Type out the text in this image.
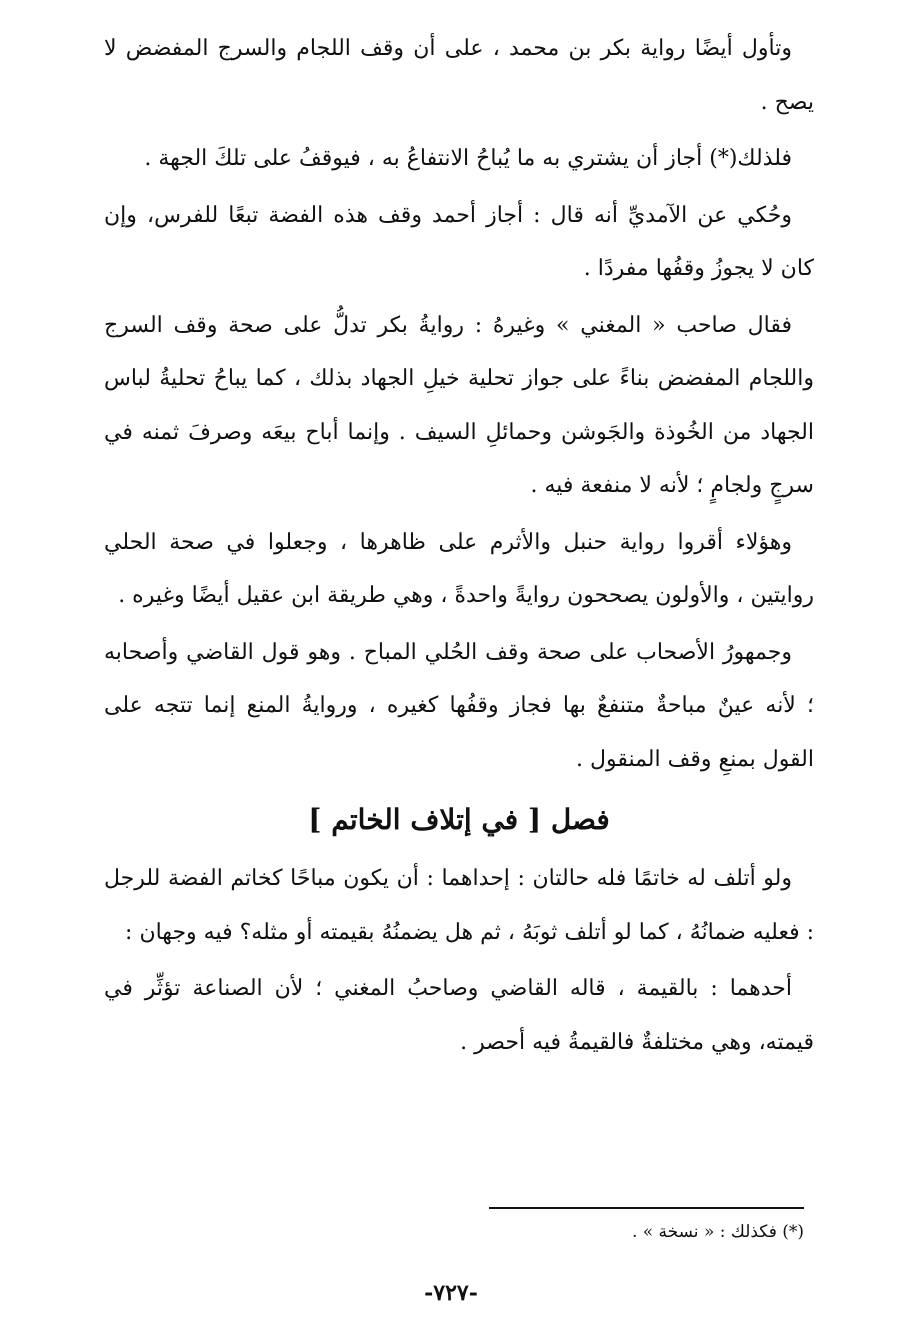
وتأول أيضًا رواية بكر بن محمد ، على أن وقف اللجام والسرج المفضض لا يصح .

فلذلك(*) أجاز أن يشتري به ما يُباحُ الانتفاعُ به ، فيوقفُ على تلكَ الجهة .

وحُكي عن الآمديِّ أنه قال : أجاز أحمد وقف هذه الفضة تبعًا للفرس، وإن كان لا يجوزُ وقفُها مفردًا .

فقال صاحب « المغني » وغيرهُ : روايةُ بكر تدلُّ على صحة وقف السرج واللجام المفضض بناءً على جواز تحلية خيلِ الجهاد بذلك ، كما يباحُ تحليةُ لباس الجهاد من الخُوذة والجَوشن وحمائلِ السيف . وإنما أباح بيعَه وصرفَ ثمنه في سرجٍ ولجامٍ ؛ لأنه لا منفعة فيه .

وهؤلاء أقروا رواية حنبل والأثرم على ظاهرها ، وجعلوا في صحة الحلي روايتين ، والأولون يصححون روايةً واحدةً ، وهي طريقة ابن عقيل أيضًا وغيره .

وجمهورُ الأصحاب على صحة وقف الحُلي المباح . وهو قول القاضي وأصحابه ؛ لأنه عينٌ مباحةٌ متنفعٌ بها فجاز وقفُها كغيره ، وروايةُ المنع إنما تتجه على القول بمنعِ وقف المنقول .

فصل [ في إتلاف الخاتم ]

ولو أتلف له خاتمًا فله حالتان : إحداهما : أن يكون مباحًا كخاتم الفضة للرجل : فعليه ضمانُهُ ، كما لو أتلف ثوبَهُ ، ثم هل يضمنُهُ بقيمته أو مثله؟ فيه وجهان :

أحدهما : بالقيمة ، قاله القاضي وصاحبُ المغني ؛ لأن الصناعة تؤثِّر في قيمته، وهي مختلفةٌ فالقيمةُ فيه أحصر .

(*) فكذلك : « نسخة » .
-٧٢٧-
